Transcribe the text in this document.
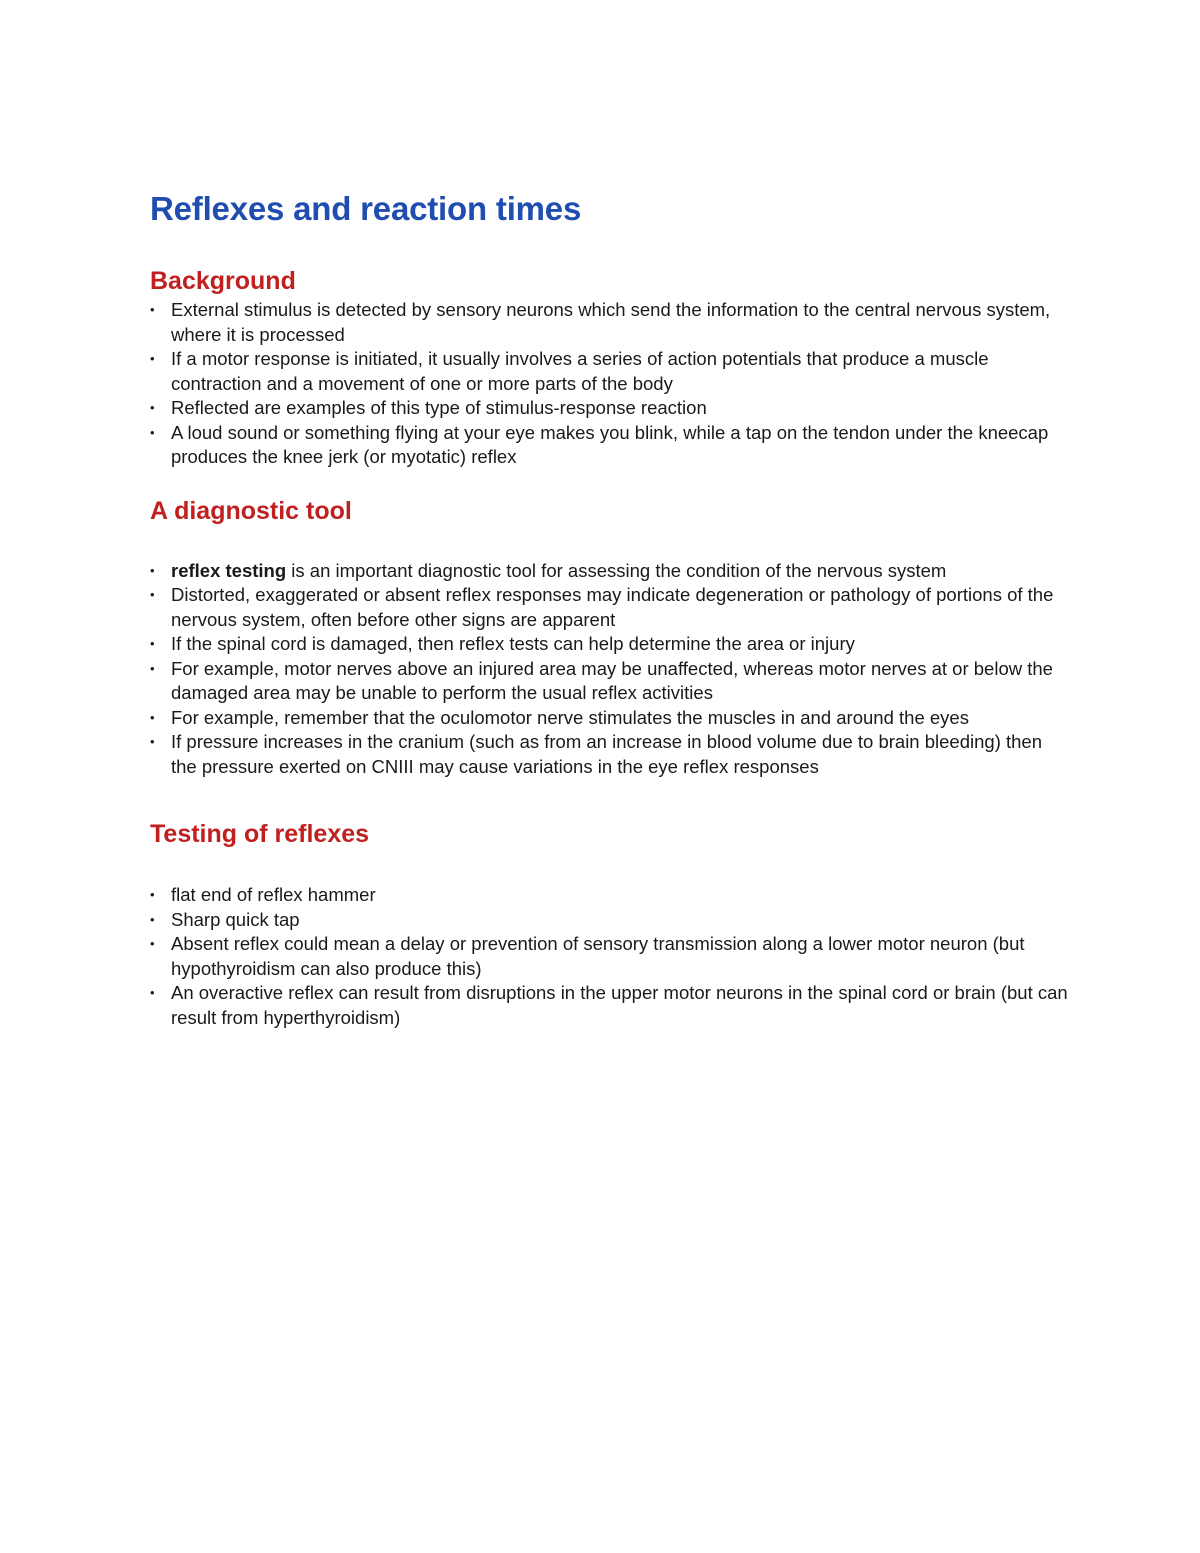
Reflexes and reaction times
Background
• External stimulus is detected by sensory neurons which send the information to the central nervous system, where it is processed
• If a motor response is initiated, it usually involves a series of action potentials that produce a muscle contraction and a movement of one or more parts of the body
• Reflected are examples of this type of stimulus-response reaction
• A loud sound or something flying at your eye makes you blink, while a tap on the tendon under the kneecap produces the knee jerk (or myotatic) reflex
A diagnostic tool
• reflex testing is an important diagnostic tool for assessing the condition of the nervous system
• Distorted, exaggerated or absent reflex responses may indicate degeneration or pathology of portions of the nervous system, often before other signs are apparent
• If the spinal cord is damaged, then reflex tests can help determine the area or injury
• For example, motor nerves above an injured area may be unaffected, whereas motor nerves at or below the damaged area may be unable to perform the usual reflex activities
• For example, remember that the oculomotor nerve stimulates the muscles in and around the eyes
• If pressure increases in the cranium (such as from an increase in blood volume due to brain bleeding) then the pressure exerted on CNIII may cause variations in the eye reflex responses
Testing of reflexes
• flat end of reflex hammer
• Sharp quick tap
• Absent reflex could mean a delay or prevention of sensory transmission along a lower motor neuron (but hypothyroidism can also produce this)
• An overactive reflex can result from disruptions in the upper motor neurons in the spinal cord or brain (but can result from hyperthyroidism)
